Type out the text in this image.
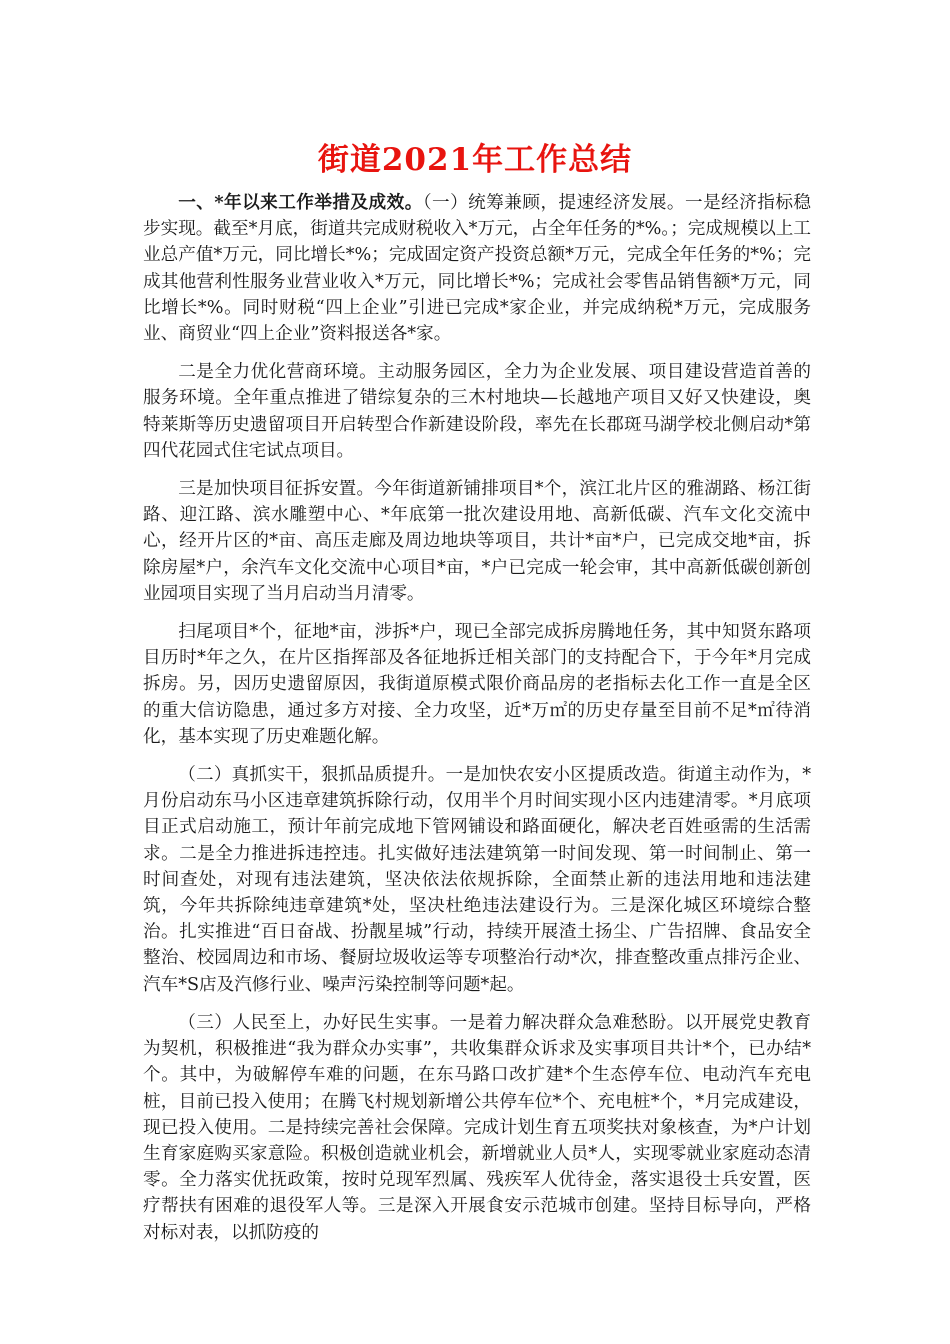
街道2021年工作总结

一、*年以来工作举措及成效。（一）统筹兼顾，提速经济发展。一是经济指标稳步实现。截至*月底，街道共完成财税收入*万元，占全年任务的*%。；完成规模以上工业总产值*万元，同比增长*%；完成固定资产投资总额*万元，完成全年任务的*%；完成其他营利性服务业营业收入*万元，同比增长*%；完成社会零售品销售额*万元，同比增长*%。同时财税“四上企业”引进已完成*家企业，并完成纳税*万元，完成服务业、商贸业“四上企业”资料报送各*家。

二是全力优化营商环境。主动服务园区，全力为企业发展、项目建设营造首善的服务环境。全年重点推进了错综复杂的三木村地块—长越地产项目又好又快建设，奥特莱斯等历史遗留项目开启转型合作新建设阶段，率先在长郡斑马湖学校北侧启动*第四代花园式住宅试点项目。

三是加快项目征拆安置。今年街道新铺排项目*个，滨江北片区的雅湖路、杨江街路、迎江路、滨水雕塑中心、*年底第一批次建设用地、高新低碳、汽车文化交流中心，经开片区的*亩、高压走廊及周边地块等项目，共计*亩*户，已完成交地*亩，拆除房屋*户，余汽车文化交流中心项目*亩，*户已完成一轮会审，其中高新低碳创新创业园项目实现了当月启动当月清零。

扫尾项目*个，征地*亩，涉拆*户，现已全部完成拆房腾地任务，其中知贤东路项目历时*年之久，在片区指挥部及各征地拆迁相关部门的支持配合下，于今年*月完成拆房。另，因历史遗留原因，我街道原模式限价商品房的老指标去化工作一直是全区的重大信访隐患，通过多方对接、全力攻坚，近*万㎡的历史存量至目前不足*㎡待消化，基本实现了历史难题化解。

（二）真抓实干，狠抓品质提升。一是加快农安小区提质改造。街道主动作为，*月份启动东马小区违章建筑拆除行动，仅用半个月时间实现小区内违建清零。*月底项目正式启动施工，预计年前完成地下管网铺设和路面硬化，解决老百姓亟需的生活需求。二是全力推进拆违控违。扎实做好违法建筑第一时间发现、第一时间制止、第一时间查处，对现有违法建筑，坚决依法依规拆除，全面禁止新的违法用地和违法建筑，今年共拆除纯违章建筑*处，坚决杜绝违法建设行为。三是深化城区环境综合整治。扎实推进“百日奋战、扮靓星城”行动，持续开展渣土扬尘、广告招牌、食品安全整治、校园周边和市场、餐厨垃圾收运等专项整治行动*次，排查整改重点排污企业、汽车*S店及汽修行业、噪声污染控制等问题*起。

（三）人民至上，办好民生实事。一是着力解决群众急难愁盼。以开展党史教育为契机，积极推进“我为群众办实事”，共收集群众诉求及实事项目共计*个，已办结*个。其中，为破解停车难的问题，在东马路口改扩建*个生态停车位、电动汽车充电桩，目前已投入使用；在腾飞村规划新增公共停车位*个、充电桩*个，*月完成建设，现已投入使用。二是持续完善社会保障。完成计划生育五项奖扶对象核查，为*户计划生育家庭购买家意险。积极创造就业机会，新增就业人员*人，实现零就业家庭动态清零。全力落实优抚政策，按时兑现军烈属、残疾军人优待金，落实退役士兵安置，医疗帮扶有困难的退役军人等。三是深入开展食安示范城市创建。坚持目标导向，严格对标对表，以抓防疫的
